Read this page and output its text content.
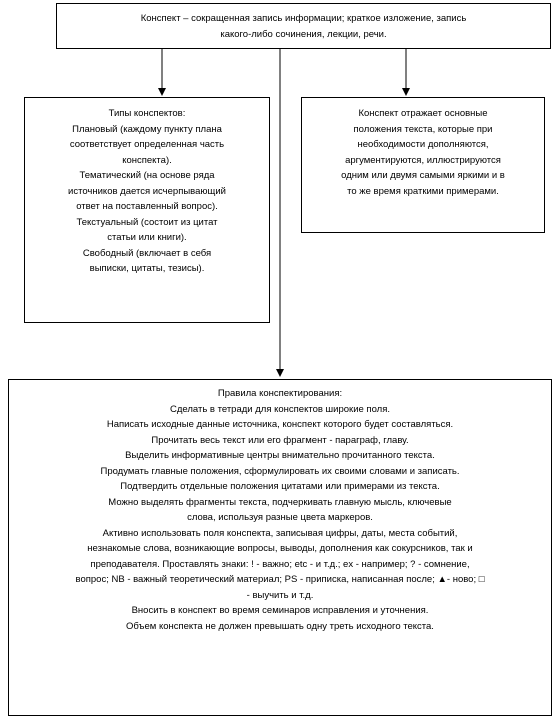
Конспект – сокращенная запись информации; краткое изложение, запись

какого-либо сочинения, лекции, речи.

Типы конспектов:

Плановый (каждому пункту плана

соответствует определенная часть

конспекта).

Тематический (на основе ряда

источников дается исчерпывающий

ответ на поставленный вопрос).

Текстуальный (состоит из цитат

статьи или книги).

Свободный (включает в себя

выписки, цитаты, тезисы).

Конспект отражает основные

положения текста, которые при

необходимости дополняются,

аргументируются, иллюстрируются

одним или двумя самыми яркими и в

то же время краткими примерами.

Правила конспектирования:

Сделать в тетради для конспектов широкие поля.

Написать исходные данные источника, конспект которого будет составляться.

Прочитать весь текст или его фрагмент - параграф, главу.

Выделить информативные центры внимательно прочитанного текста.

Продумать главные положения, сформулировать их своими словами и записать.

Подтвердить отдельные положения цитатами или примерами из текста.

Можно выделять фрагменты текста, подчеркивать главную мысль, ключевые

слова, используя разные цвета маркеров.

Активно использовать поля конспекта, записывая цифры, даты, места событий,

незнакомые слова, возникающие вопросы, выводы, дополнения как сокурсников, так и

преподавателя. Проставлять знаки: ! - важно; etc - и т.д.; ex - например; ? - сомнение,

вопрос; NB - важный теоретический материал; PS - приписка, написанная после; ▲- ново; □

- выучить и т.д.

Вносить в конспект во время семинаров исправления и уточнения.

Объем конспекта не должен превышать одну треть исходного текста.
